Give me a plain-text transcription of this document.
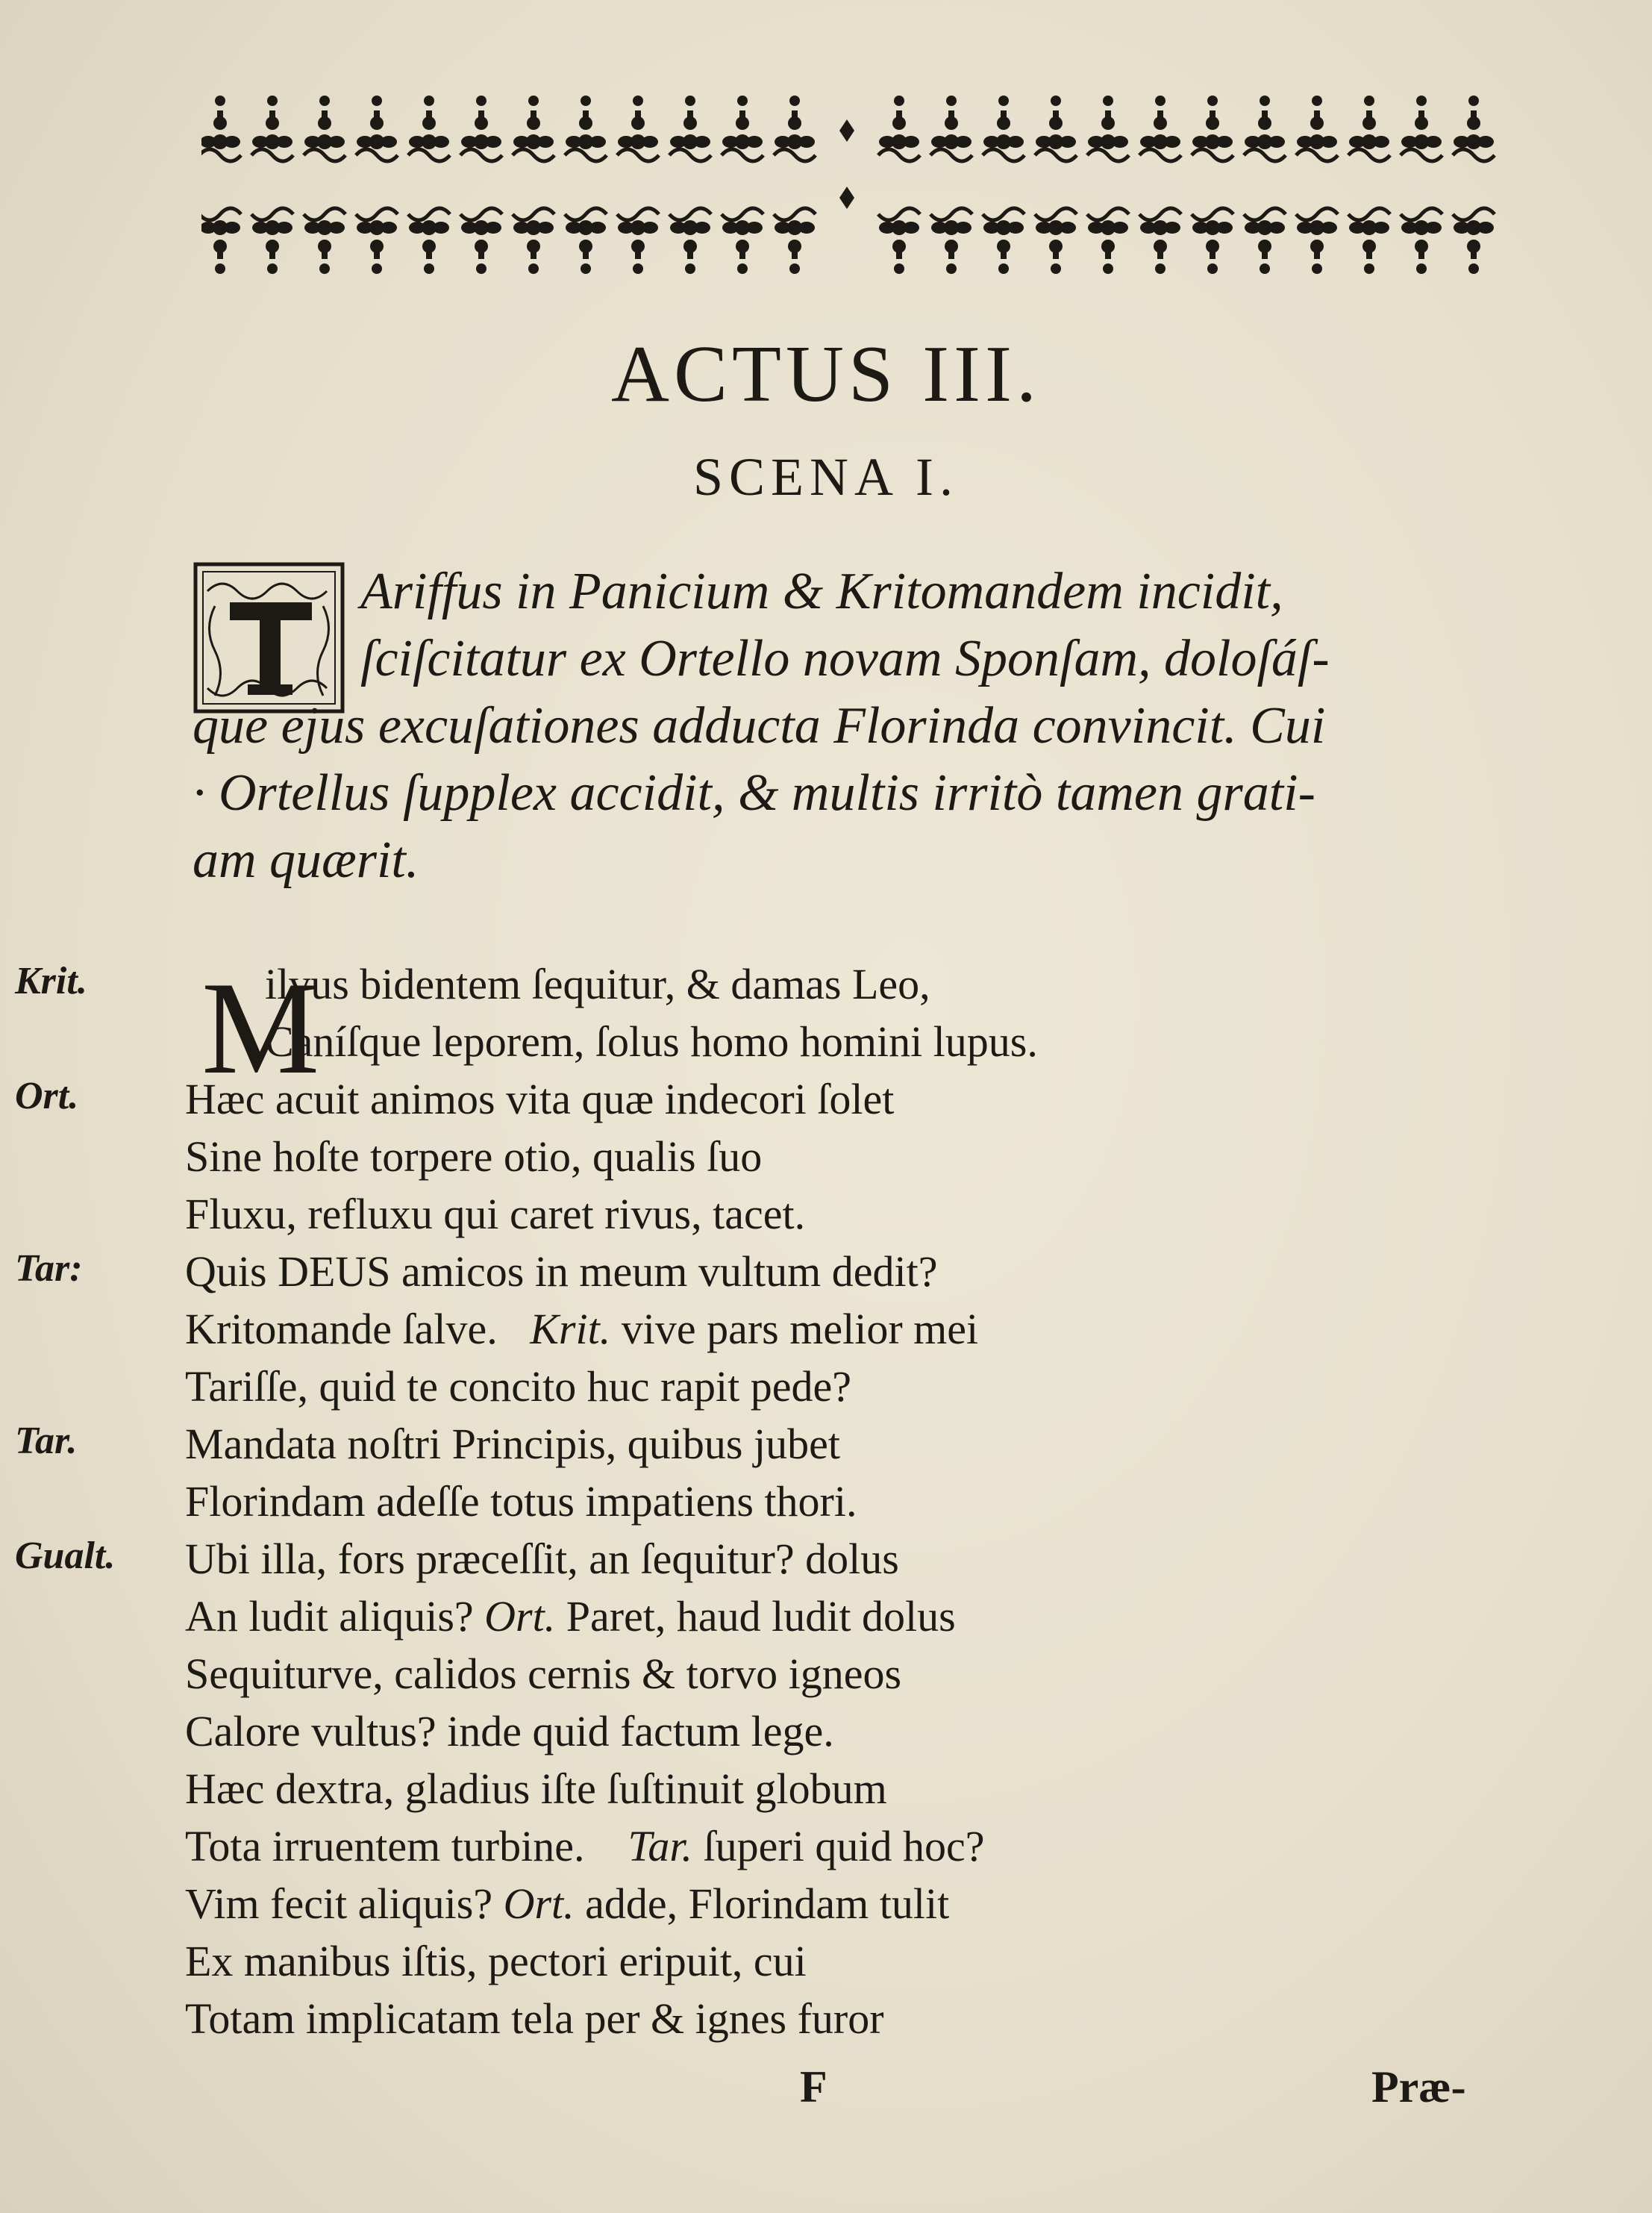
ACTUS III.
SCENA I.
Ariffus in Panicium & Kritomandem incidit,
ſciſcitatur ex Ortello novam Sponſam, doloſáſ-
que ejus excuſationes adducta Florinda convincit. Cui
· Ortellus ſupplex accidit, & multis irritò tamen grati-
am quærit.
M
Krit.	ilvus bidentem ſequitur, & damas Leo,
Caníſque leporem, ſolus homo homini lupus.
Ort. Hæc acuit animos vita quæ indecori ſolet
Sine hoſte torpere otio, qualis ſuo
Fluxu, refluxu qui caret rivus, tacet.
Tar: Quis DEUS amicos in meum vultum dedit?
Kritomande ſalve. Krit. vive pars melior mei
Tariſſe, quid te concito huc rapit pede?
Tar. Mandata noſtri Principis, quibus jubet
Florindam adeſſe totus impatiens thori.
Gualt. Ubi illa, fors præceſſit, an ſequitur? dolus
An ludit aliquis? Ort. Paret, haud ludit dolus
Sequiturve, calidos cernis & torvo igneos
Calore vultus? inde quid factum lege.
Hæc dextra, gladius iſte ſuſtinuit globum
Tota irruentem turbine. Tar. ſuperi quid hoc?
Vim fecit aliquis? Ort. adde, Florindam tulit
Ex manibus iſtis, pectori eripuit, cui
Totam implicatam tela per & ignes furor
F	Præ-
